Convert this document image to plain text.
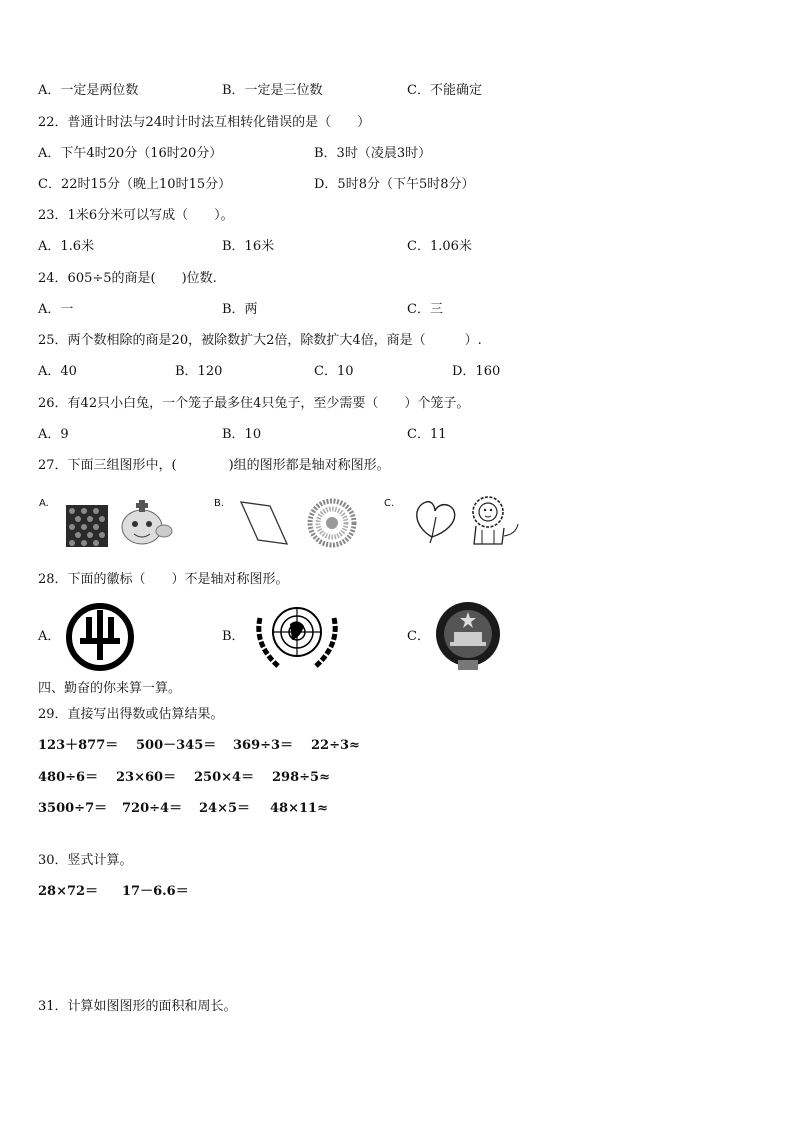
A．一定是两位数	B．一定是三位数	C．不能确定
22．普通计时法与24时计时法互相转化错误的是（　　）
A．下午4时20分（16时20分）	B．3时（凌晨3时）
C．22时15分（晚上10时15分）	D．5时8分（下午5时8分）
23．1米6分米可以写成（　　）。
A．1.6米	B．16米	C．1.06米
24．605÷5的商是(　　)位数.
A．一	B．两	C．三
25．两个数相除的商是20，被除数扩大2倍，除数扩大4倍，商是（　　　）.
A．40	B．120	C．10	D．160
26．有42只小白兔，一个笼子最多住4只兔子，至少需要（　　）个笼子。
A．9	B．10	C．11
27．下面三组图形中，(　　　　)组的图形都是轴对称图形。
A.	B.	C.
28．下面的徽标（　　）不是轴对称图形。
A．	B．	C．
四、勤奋的你来算一算。
29．直接写出得数或估算结果。
123＋877＝ 500－345＝ 369÷3＝ 22÷3≈
480÷6＝ 23×60＝ 250×4＝ 298÷5≈
3500÷7＝ 720÷4＝ 24×5＝ 48×11≈
30．竖式计算。
28×72＝ 17－6.6＝
31．计算如图图形的面积和周长。
